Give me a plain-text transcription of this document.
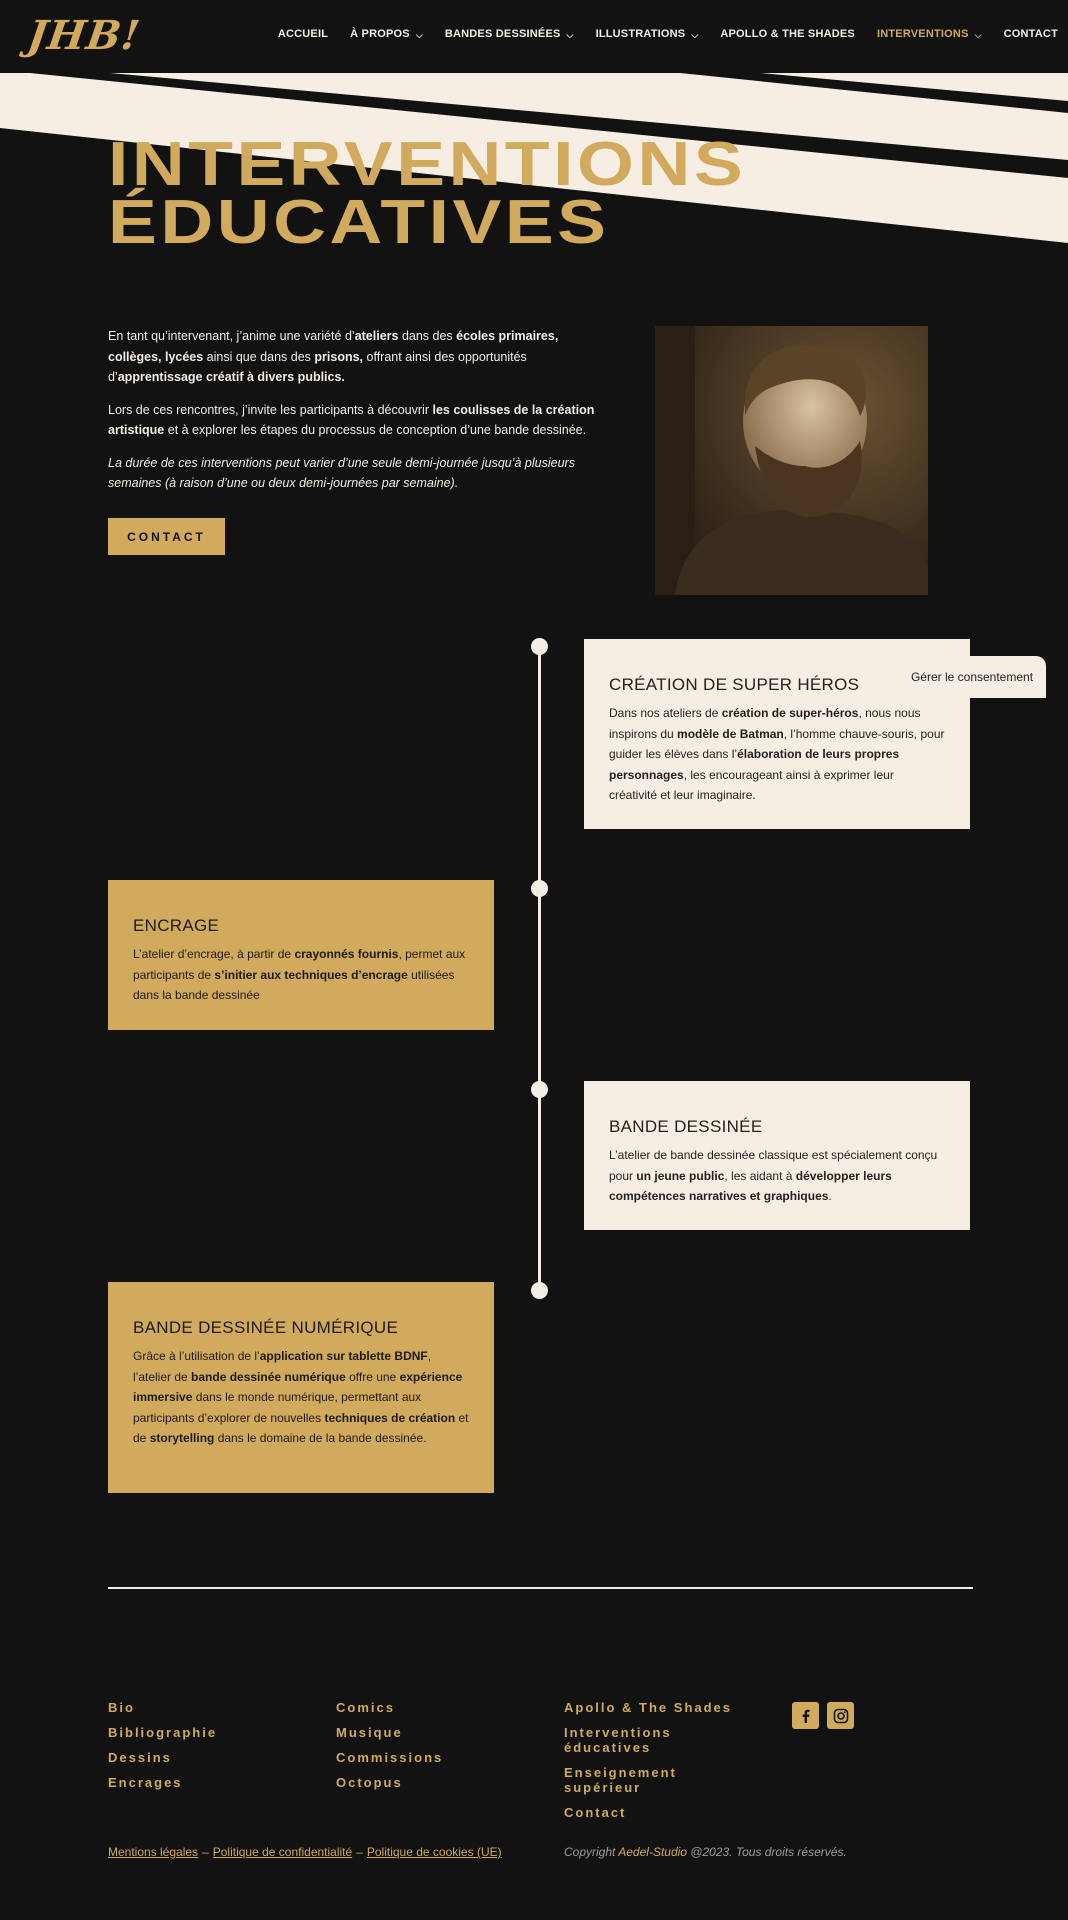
JHB!	ACCUEIL À PROPOS ⌵ BANDES DESSINÉES ⌵ ILLUSTRATIONS ⌵ APOLLO & THE SHADES INTERVENTIONS ⌵ CONTACT
INTERVENTIONS
ÉDUCATIVES

En tant qu’intervenant, j’anime une variété d’ateliers dans des écoles primaires, collèges, lycées ainsi que dans des prisons, offrant ainsi des opportunités d’apprentissage créatif à divers publics.

Lors de ces rencontres, j’invite les participants à découvrir les coulisses de la création artistique et à explorer les étapes du processus de conception d’une bande dessinée.

La durée de ces interventions peut varier d’une seule demi-journée jusqu’à plusieurs semaines (à raison d’une ou deux demi-journées par semaine).

CONTACT
CRÉATION DE SUPER HÉROS

Dans nos ateliers de création de super-héros, nous nous inspirons du modèle de Batman, l’homme chauve-souris, pour guider les élèves dans l’élaboration de leurs propres personnages, les encourageant ainsi à exprimer leur créativité et leur imaginaire.

ENCRAGE

L’atelier d’encrage, à partir de crayonnés fournis, permet aux participants de s’initier aux techniques d’encrage utilisées dans la bande dessinée

BANDE DESSINÉE

L’atelier de bande dessinée classique est spécialement conçu pour un jeune public, les aidant à développer leurs compétences narratives et graphiques.

BANDE DESSINÉE NUMÉRIQUE

Grâce à l’utilisation de l’application sur tablette BDNF, l’atelier de bande dessinée numérique offre une expérience immersive dans le monde numérique, permettant aux participants d’explorer de nouvelles techniques de création et de storytelling dans le domaine de la bande dessinée.

Gérer le consentement
Bio
Bibliographie
Dessins
Encrages
Comics
Musique
Commissions
Octopus
Apollo & The Shades
Interventions éducatives
Enseignement supérieur
Contact
Mentions légales – Politique de confidentialité – Politique de cookies (UE)	Copyright Aedel-Studio @2023. Tous droits réservés.
